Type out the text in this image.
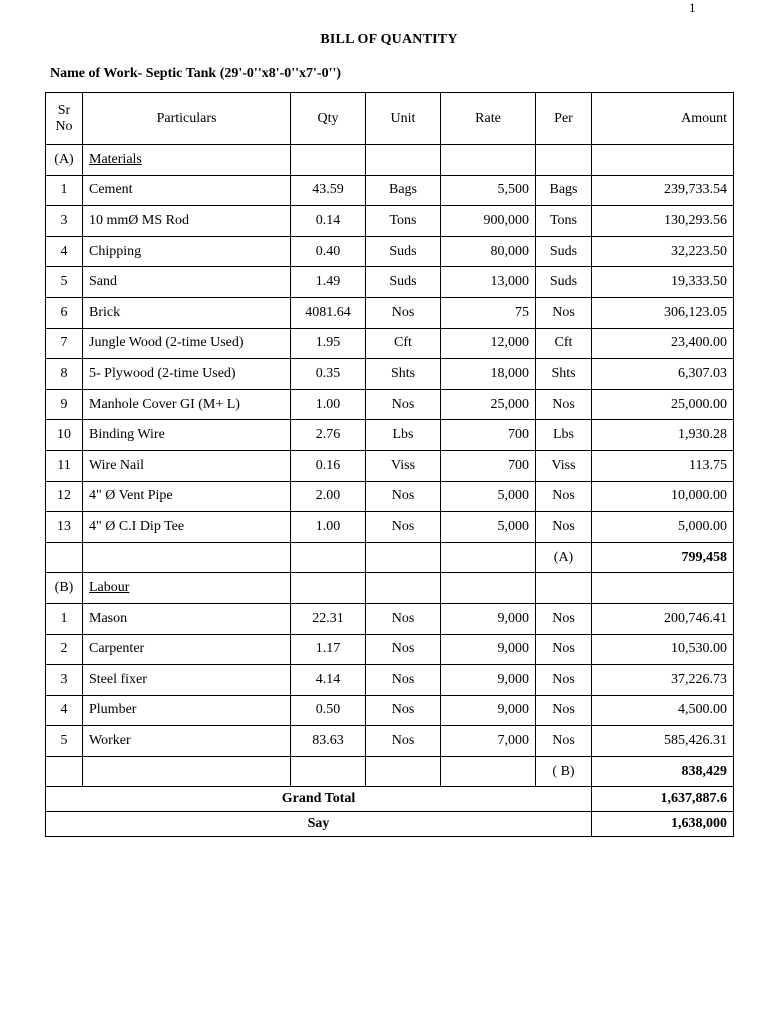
1
BILL OF QUANTITY
Name of Work- Septic Tank (29'-0''x8'-0''x7'-0'')
Sr
No	Particulars	Qty	Unit	Rate	Per	Amount
(A)	Materials					
1	Cement	43.59	Bags	5,500	Bags	239,733.54
3	10 mmØ MS Rod	0.14	Tons	900,000	Tons	130,293.56
4	Chipping	0.40	Suds	80,000	Suds	32,223.50
5	Sand	1.49	Suds	13,000	Suds	19,333.50
6	Brick	4081.64	Nos	75	Nos	306,123.05
7	Jungle Wood (2-time Used)	1.95	Cft	12,000	Cft	23,400.00
8	5- Plywood (2-time Used)	0.35	Shts	18,000	Shts	6,307.03
9	Manhole Cover GI (M+ L)	1.00	Nos	25,000	Nos	25,000.00
10	Binding Wire	2.76	Lbs	700	Lbs	1,930.28
11	Wire Nail	0.16	Viss	700	Viss	113.75
12	4" Ø Vent Pipe	2.00	Nos	5,000	Nos	10,000.00
13	4" Ø C.I Dip Tee	1.00	Nos	5,000	Nos	5,000.00
					(A)	799,458
(B)	Labour					
1	Mason	22.31	Nos	9,000	Nos	200,746.41
2	Carpenter	1.17	Nos	9,000	Nos	10,530.00
3	Steel fixer	4.14	Nos	9,000	Nos	37,226.73
4	Plumber	0.50	Nos	9,000	Nos	4,500.00
5	Worker	83.63	Nos	7,000	Nos	585,426.31
					( B)	838,429
Grand Total						1,637,887.6
Say						1,638,000
